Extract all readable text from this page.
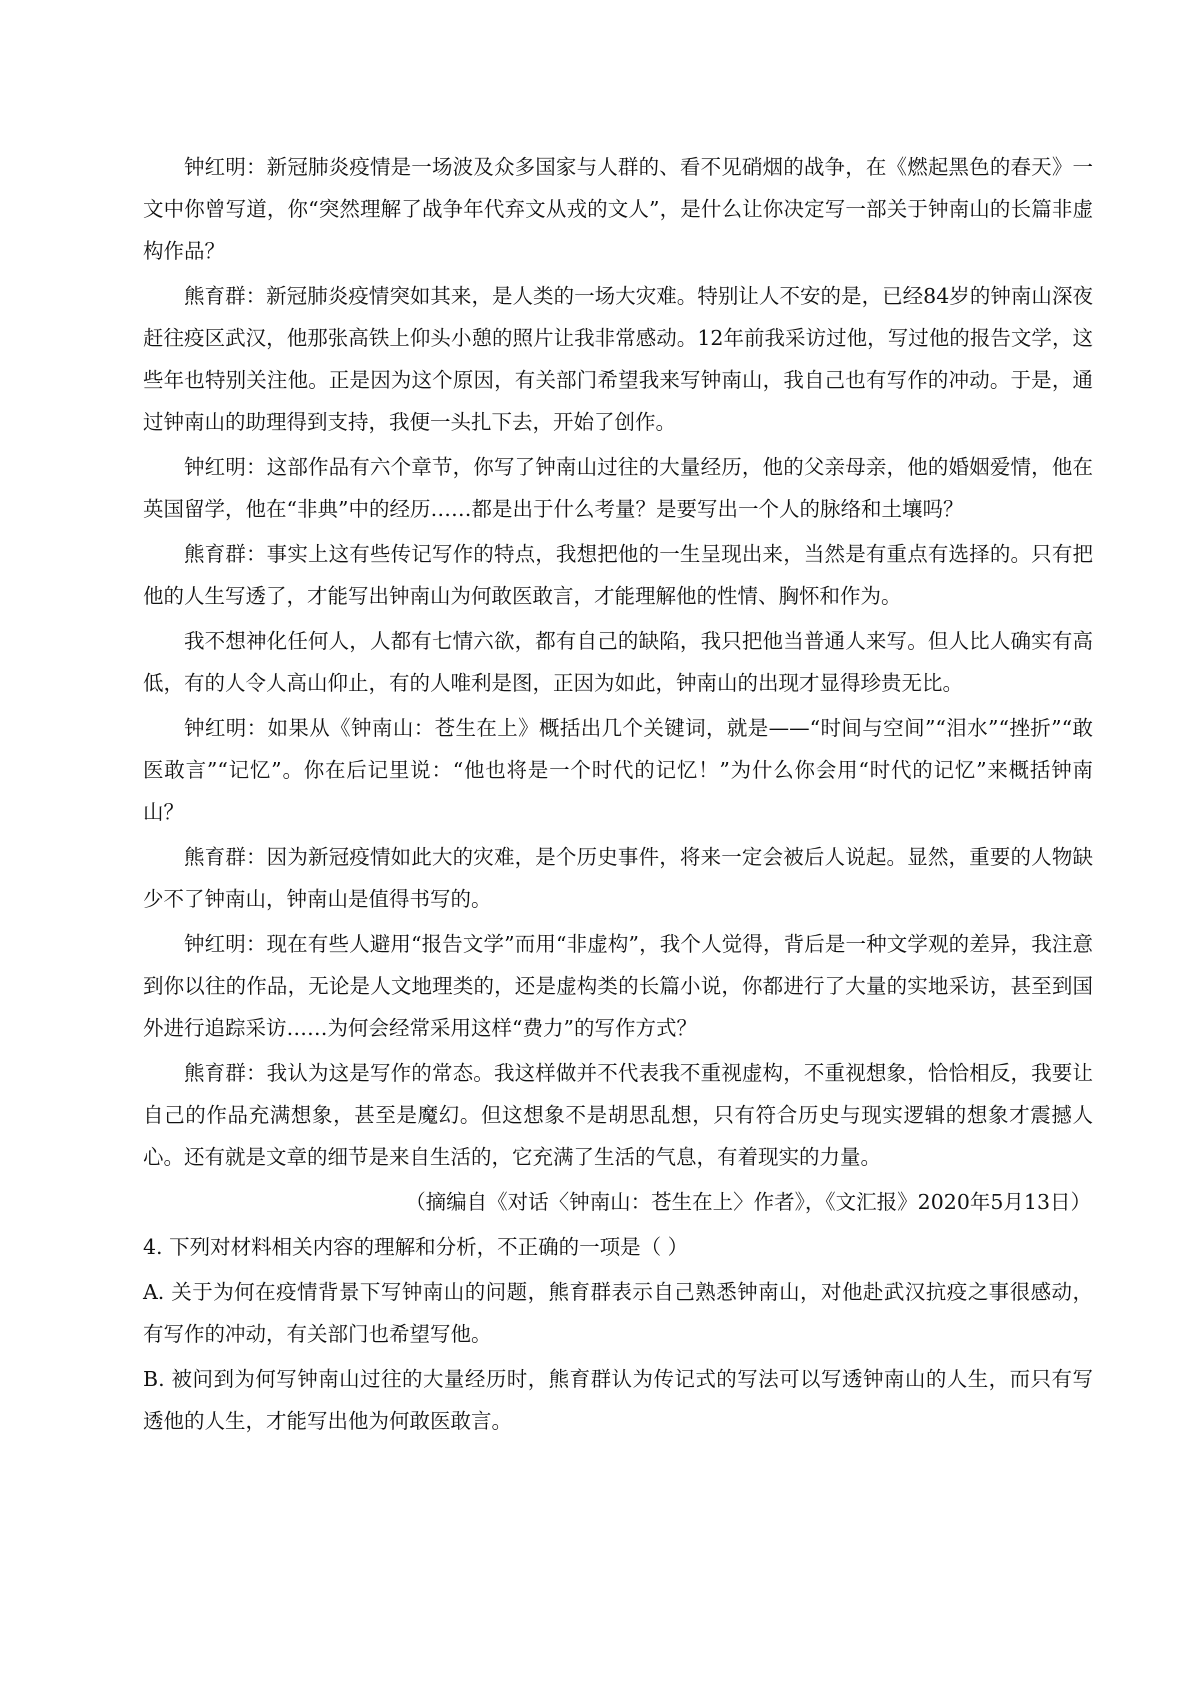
钟红明：新冠肺炎疫情是一场波及众多国家与人群的、看不见硝烟的战争，在《燃起黑色的春天》一文中你曾写道，你“突然理解了战争年代弃文从戎的文人”，是什么让你决定写一部关于钟南山的长篇非虚构作品？

熊育群：新冠肺炎疫情突如其来，是人类的一场大灾难。特别让人不安的是，已经84岁的钟南山深夜赶往疫区武汉，他那张高铁上仰头小憩的照片让我非常感动。12年前我采访过他，写过他的报告文学，这些年也特别关注他。正是因为这个原因，有关部门希望我来写钟南山，我自己也有写作的冲动。于是，通过钟南山的助理得到支持，我便一头扎下去，开始了创作。

钟红明：这部作品有六个章节，你写了钟南山过往的大量经历，他的父亲母亲，他的婚姻爱情，他在英国留学，他在“非典”中的经历……都是出于什么考量？是要写出一个人的脉络和土壤吗？

熊育群：事实上这有些传记写作的特点，我想把他的一生呈现出来，当然是有重点有选择的。只有把他的人生写透了，才能写出钟南山为何敢医敢言，才能理解他的性情、胸怀和作为。

我不想神化任何人，人都有七情六欲，都有自己的缺陷，我只把他当普通人来写。但人比人确实有高低，有的人令人高山仰止，有的人唯利是图，正因为如此，钟南山的出现才显得珍贵无比。

钟红明：如果从《钟南山：苍生在上》概括出几个关键词，就是——“时间与空间”“泪水”“挫折”“敢医敢言”“记忆”。你在后记里说：“他也将是一个时代的记忆！”为什么你会用“时代的记忆”来概括钟南山？

熊育群：因为新冠疫情如此大的灾难，是个历史事件，将来一定会被后人说起。显然，重要的人物缺少不了钟南山，钟南山是值得书写的。

钟红明：现在有些人避用“报告文学”而用“非虚构”，我个人觉得，背后是一种文学观的差异，我注意到你以往的作品，无论是人文地理类的，还是虚构类的长篇小说，你都进行了大量的实地采访，甚至到国外进行追踪采访……为何会经常采用这样“费力”的写作方式？

熊育群：我认为这是写作的常态。我这样做并不代表我不重视虚构，不重视想象，恰恰相反，我要让自己的作品充满想象，甚至是魔幻。但这想象不是胡思乱想，只有符合历史与现实逻辑的想象才震撼人心。还有就是文章的细节是来自生活的，它充满了生活的气息，有着现实的力量。

（摘编自《对话〈钟南山：苍生在上〉作者》，《文汇报》2020年5月13日）

4. 下列对材料相关内容的理解和分析，不正确的一项是（ ）

A. 关于为何在疫情背景下写钟南山的问题，熊育群表示自己熟悉钟南山，对他赴武汉抗疫之事很感动，有写作的冲动，有关部门也希望写他。

B. 被问到为何写钟南山过往的大量经历时，熊育群认为传记式的写法可以写透钟南山的人生，而只有写透他的人生，才能写出他为何敢医敢言。
